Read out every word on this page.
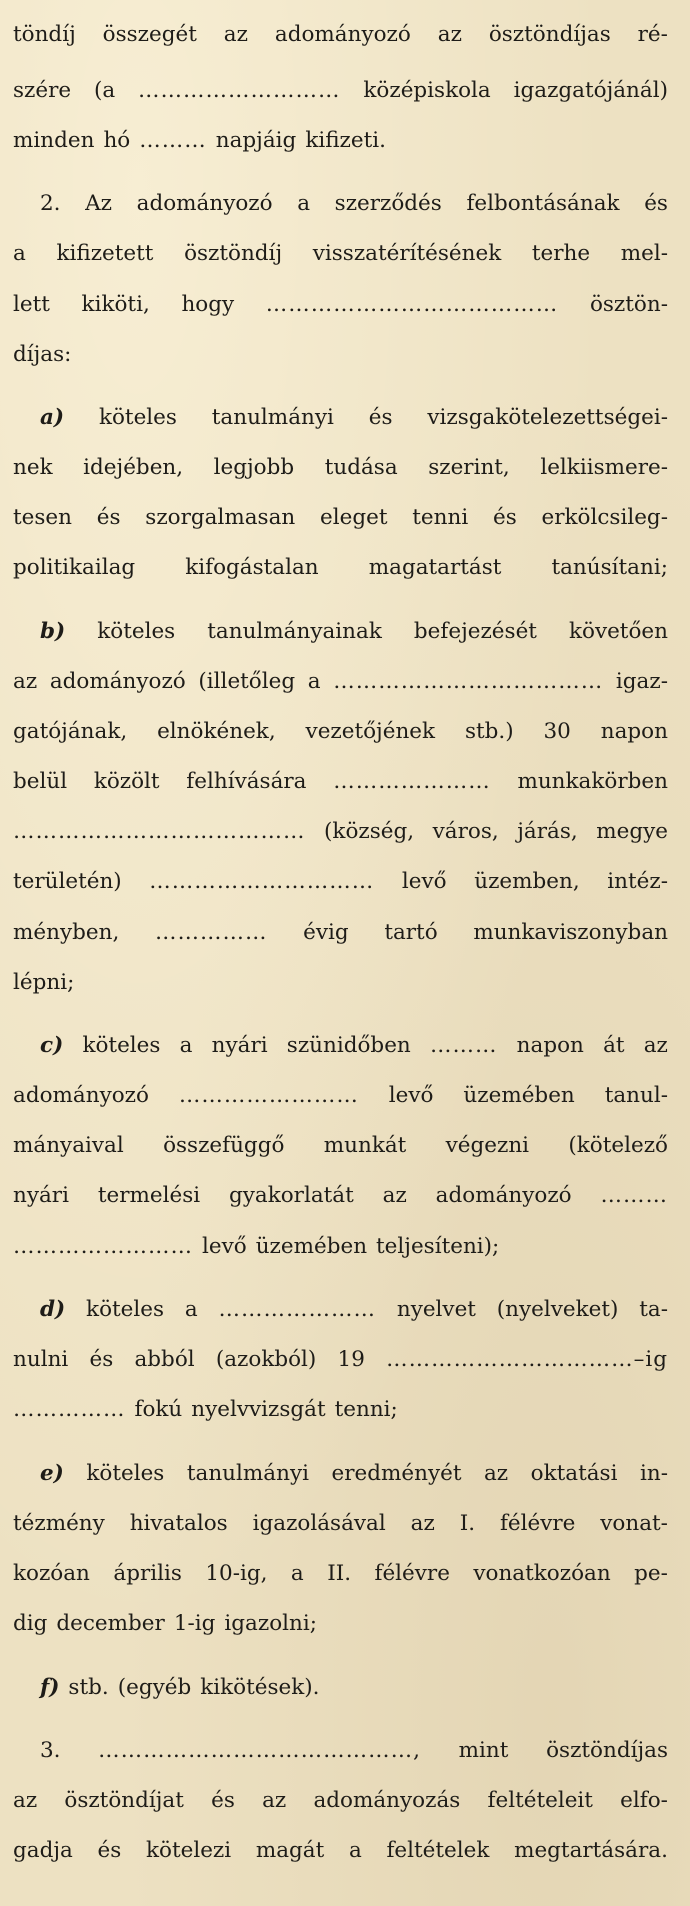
töndíj összegét az adományozó az ösztöndíjas ré-
szére (a ……………………… középiskola igazgatójánál)
minden hó ……… napjáig kifizeti.
2. Az adományozó a szerződés felbontásának és
a kifizetett ösztöndíj visszatérítésének terhe mel-
lett kiköti, hogy ………………………………… ösztön-
díjas:
a) köteles tanulmányi és vizsgakötelezettségei-
nek idejében, legjobb tudása szerint, lelkiismere-
tesen és szorgalmasan eleget tenni és erkölcsileg-
politikailag kifogástalan magatartást tanúsítani;
b) köteles tanulmányainak befejezését követően
az adományozó (illetőleg a ……………………………… igaz-
gatójának, elnökének, vezetőjének stb.) 30 napon
belül közölt felhívására ………………… munkakörben
………………………………… (község, város, járás, megye
területén) ………………………… levő üzemben, intéz-
ményben, …………… évig tartó munkaviszonyban
lépni;
c) köteles a nyári szünidőben ……… napon át az
adományozó …………………… levő üzemében tanul-
mányaival összefüggő munkát végezni (kötelező
nyári termelési gyakorlatát az adományozó ………
…………………… levő üzemében teljesíteni);
d) köteles a ………………… nyelvet (nyelveket) ta-
nulni és abból (azokból) 19 ……………………………–ig
…………… fokú nyelvvizsgát tenni;
e) köteles tanulmányi eredményét az oktatási in-
tézmény hivatalos igazolásával az I. félévre vonat-
kozóan április 10-ig, a II. félévre vonatkozóan pe-
dig december 1-ig igazolni;
f) stb. (egyéb kikötések).
3. ……………………………………, mint ösztöndíjas
az ösztöndíjat és az adományozás feltételeit elfo-
gadja és kötelezi magát a feltételek megtartására.
